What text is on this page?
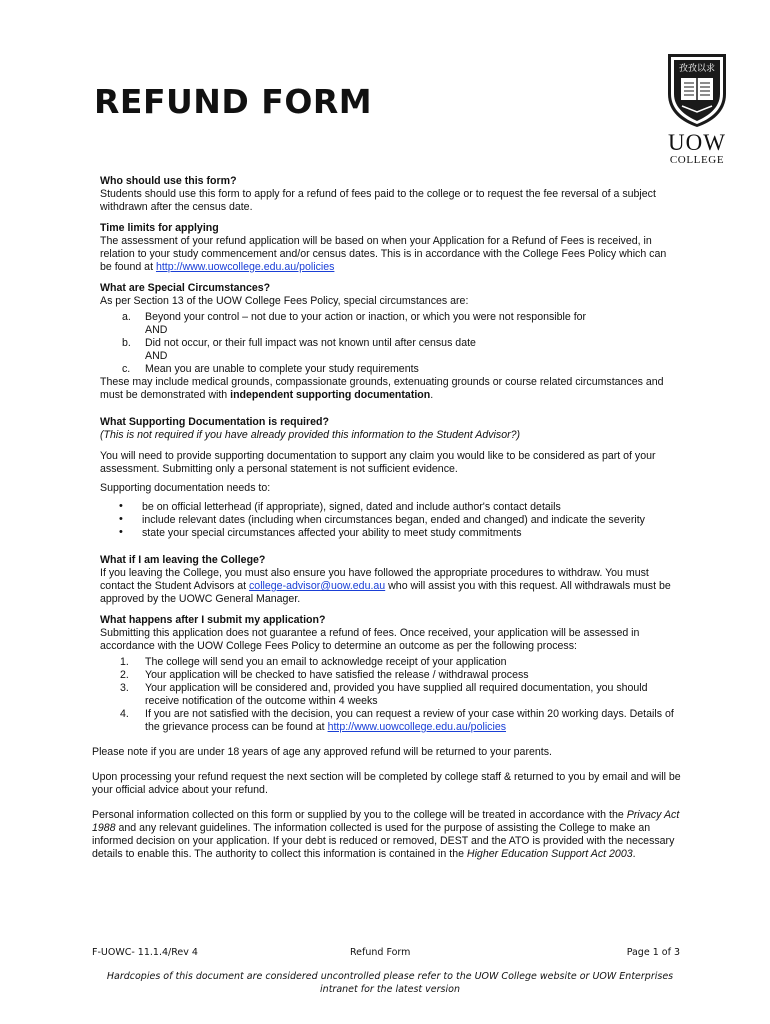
REFUND FORM
孜孜以求
UOW
COLLEGE

Who should use this form?

Students should use this form to apply for a refund of fees paid to the college or to request the fee reversal of a subject withdrawn after the census date.

Time limits for applying

The assessment of your refund application will be based on when your Application for a Refund of Fees is received, in relation to your study commencement and/or census dates. This is in accordance with the College Fees Policy which can be found at http://www.uowcollege.edu.au/policies

What are Special Circumstances?

As per Section 13 of the UOW College Fees Policy, special circumstances are:

a. Beyond your control – not due to your action or inaction, or which you were not responsible for
AND
b. Did not occur, or their full impact was not known until after census date
AND
c. Mean you are unable to complete your study requirements

These may include medical grounds, compassionate grounds, extenuating grounds or course related circumstances and must be demonstrated with independent supporting documentation.

What Supporting Documentation is required?

(This is not required if you have already provided this information to the Student Advisor?)

You will need to provide supporting documentation to support any claim you would like to be considered as part of your assessment. Submitting only a personal statement is not sufficient evidence.

Supporting documentation needs to:

• be on official letterhead (if appropriate), signed, dated and include author's contact details
• include relevant dates (including when circumstances began, ended and changed) and indicate the severity
• state your special circumstances affected your ability to meet study commitments

What if I am leaving the College?

If you leaving the College, you must also ensure you have followed the appropriate procedures to withdraw. You must contact the Student Advisors at college-advisor@uow.edu.au who will assist you with this request. All withdrawals must be approved by the UOWC General Manager.

What happens after I submit my application?

Submitting this application does not guarantee a refund of fees. Once received, your application will be assessed in accordance with the UOW College Fees Policy to determine an outcome as per the following process:

1. The college will send you an email to acknowledge receipt of your application
2. Your application will be checked to have satisfied the release / withdrawal process
3. Your application will be considered and, provided you have supplied all required documentation, you should receive notification of the outcome within 4 weeks
4. If you are not satisfied with the decision, you can request a review of your case within 20 working days. Details of the grievance process can be found at http://www.uowcollege.edu.au/policies

Please note if you are under 18 years of age any approved refund will be returned to your parents.

Upon processing your refund request the next section will be completed by college staff & returned to you by email and will be your official advice about your refund.

Personal information collected on this form or supplied by you to the college will be treated in accordance with the Privacy Act 1988 and any relevant guidelines. The information collected is used for the purpose of assisting the College to make an informed decision on your application. If your debt is reduced or removed, DEST and the ATO is provided with the necessary details to enable this. The authority to collect this information is contained in the Higher Education Support Act 2003.

F-UOWC- 11.1.4/Rev 4	Refund Form	Page 1 of 3
Hardcopies of this document are considered uncontrolled please refer to the UOW College website or UOW Enterprises intranet for the latest version
